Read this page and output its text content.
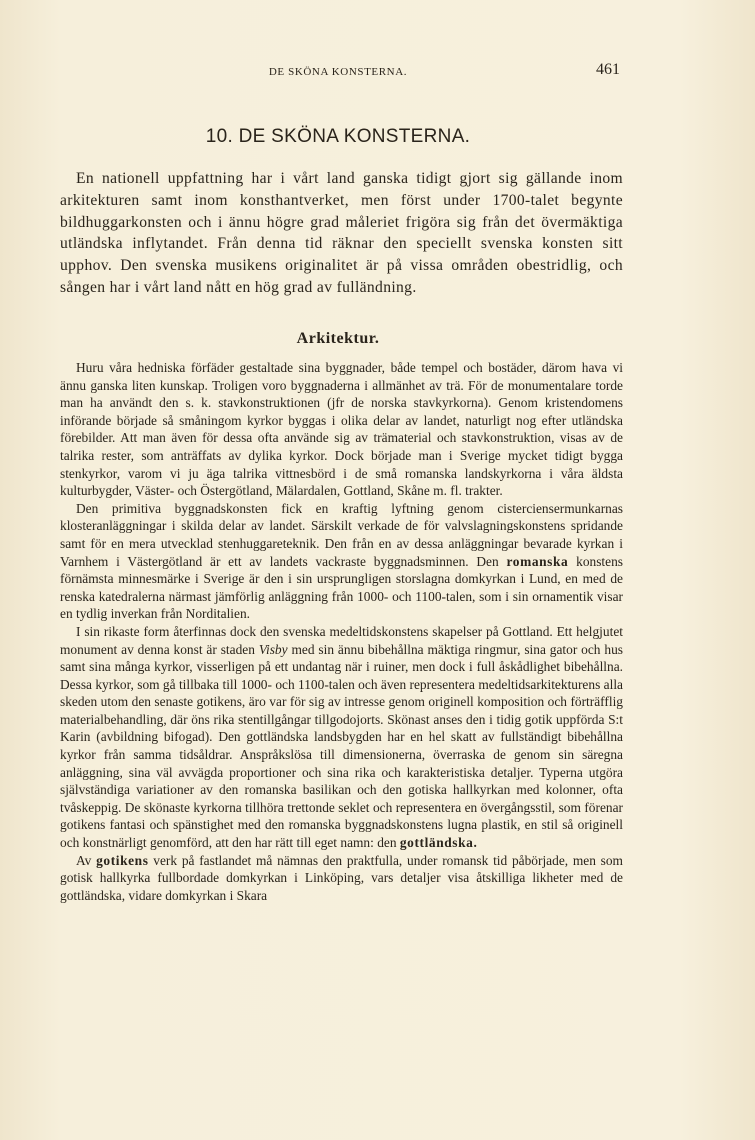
DE SKÖNA KONSTERNA.	461
10. DE SKÖNA KONSTERNA.

En nationell uppfattning har i vårt land ganska tidigt gjort sig gällande inom arkitekturen samt inom konsthantverket, men först under 1700-talet begynte bildhuggarkonsten och i ännu högre grad måleriet frigöra sig från det övermäktiga utländska inflytandet. Från denna tid räknar den speciellt svenska konsten sitt upphov. Den svenska musikens originalitet är på vissa områden obestridlig, och sången har i vårt land nått en hög grad av fulländning.

Arkitektur.

Huru våra hedniska förfäder gestaltade sina byggnader, både tempel och bostäder, därom hava vi ännu ganska liten kunskap. Troligen voro byggnaderna i allmänhet av trä. För de monumentalare torde man ha användt den s. k. stavkonstruktionen (jfr de norska stavkyrkorna). Genom kristendomens införande började så småningom kyrkor byggas i olika delar av landet, naturligt nog efter utländska förebilder. Att man även för dessa ofta använde sig av trämaterial och stavkonstruktion, visas av de talrika rester, som anträffats av dylika kyrkor. Dock började man i Sverige mycket tidigt bygga stenkyrkor, varom vi ju äga talrika vittnesbörd i de små romanska landskyrkorna i våra äldsta kulturbygder, Väster- och Östergötland, Mälardalen, Gottland, Skåne m. fl. trakter.

Den primitiva byggnadskonsten fick en kraftig lyftning genom cisterciensermunkarnas klosteranläggningar i skilda delar av landet. Särskilt verkade de för valvslagningskonstens spridande samt för en mera utvecklad stenhuggareteknik. Den från en av dessa anläggningar bevarade kyrkan i Varnhem i Västergötland är ett av landets vackraste byggnadsminnen. Den romanska konstens förnämsta minnesmärke i Sverige är den i sin ursprungligen storslagna domkyrkan i Lund, en med de renska katedralerna närmast jämförlig anläggning från 1000- och 1100-talen, som i sin ornamentik visar en tydlig inverkan från Norditalien.

I sin rikaste form återfinnas dock den svenska medeltidskonstens skapelser på Gottland. Ett helgjutet monument av denna konst är staden Visby med sin ännu bibehållna mäktiga ringmur, sina gator och hus samt sina många kyrkor, visserligen på ett undantag när i ruiner, men dock i full åskådlighet bibehållna. Dessa kyrkor, som gå tillbaka till 1000- och 1100-talen och även representera medeltidsarkitekturens alla skeden utom den senaste gotikens, äro var för sig av intresse genom originell komposition och förträfflig materialbehandling, där öns rika stentillgångar tillgodojorts. Skönast anses den i tidig gotik uppförda S:t Karin (avbildning bifogad). Den gottländska landsbygden har en hel skatt av fullständigt bibehållna kyrkor från samma tidsåldrar. Anspråkslösa till dimensionerna, överraska de genom sin säregna anläggning, sina väl avvägda proportioner och sina rika och karakteristiska detaljer. Typerna utgöra självständiga variationer av den romanska basilikan och den gotiska hallkyrkan med kolonner, ofta tvåskeppig. De skönaste kyrkorna tillhöra trettonde seklet och representera en övergångsstil, som förenar gotikens fantasi och spänstighet med den romanska byggnadskonstens lugna plastik, en stil så originell och konstnärligt genomförd, att den har rätt till eget namn: den gottländska.

Av gotikens verk på fastlandet må nämnas den praktfulla, under romansk tid påbörjade, men som gotisk hallkyrka fullbordade domkyrkan i Linköping, vars detaljer visa åtskilliga likheter med de gottländska, vidare domkyrkan i Skara
